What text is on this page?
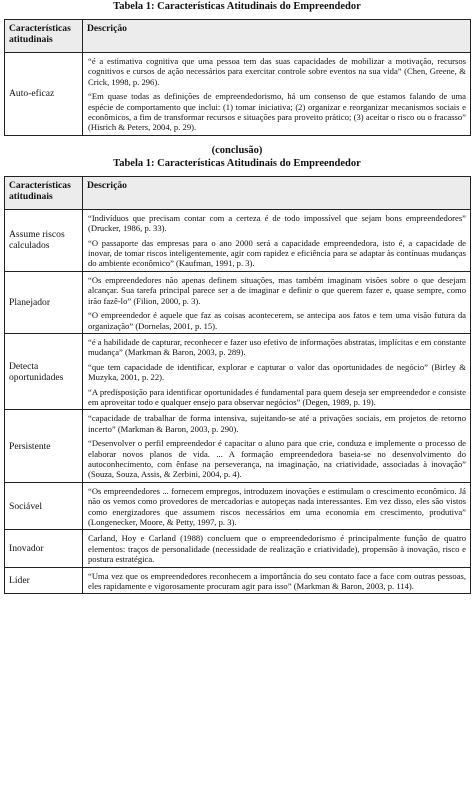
Tabela 1: Características Atitudinais do Empreendedor
Características atitudinais	Descrição
Auto-eficaz	“é a estimativa cognitiva que uma pessoa tem das suas capacidades de mobilizar a motivação, recursos cognitivos e cursos de ação necessários para exercitar controle sobre eventos na sua vida” (Chen, Greene, & Crick, 1998, p. 296).

“Em quase todas as definições de empreendedorismo, há um consenso de que estamos falando de uma espécie de comportamento que inclui: (1) tomar iniciativa; (2) organizar e reorganizar mecanismos sociais e econômicos, a fim de transformar recursos e situações para proveito prático; (3) aceitar o risco ou o fracasso” (Hisrich & Peters, 2004, p. 29).

(conclusão)
Tabela 1: Características Atitudinais do Empreendedor
Características atitudinais	Descrição
Assume riscos calculados	“Indivíduos que precisam contar com a certeza é de todo impossível que sejam bons empreendedores” (Drucker, 1986, p. 33).

“O passaporte das empresas para o ano 2000 será a capacidade empreendedora, isto é, a capacidade de inovar, de tomar riscos inteligentemente, agir com rapidez e eficiência para se adaptar às contínuas mudanças do ambiente econômico” (Kaufman, 1991, p. 3).

Planejador	“Os empreendedores não apenas definem situações, mas também imaginam visões sobre o que desejam alcançar. Sua tarefa principal parece ser a de imaginar e definir o que querem fazer e, quase sempre, como irão fazê-lo” (Filion, 2000, p. 3).

“O empreendedor é aquele que faz as coisas acontecerem, se antecipa aos fatos e tem uma visão futura da organização” (Dornelas, 2001, p. 15).

Detecta oportunidades	“é a habilidade de capturar, reconhecer e fazer uso efetivo de informações abstratas, implícitas e em constante mudança” (Markman & Baron, 2003, p. 289).

“que tem capacidade de identificar, explorar e capturar o valor das oportunidades de negócio” (Birley & Muzyka, 2001, p. 22).

“A predisposição para identificar oportunidades é fundamental para quem deseja ser empreendedor e consiste em aproveitar todo e qualquer ensejo para observar negócios” (Degen, 1989, p. 19).

Persistente	“capacidade de trabalhar de forma intensiva, sujeitando-se até a privações sociais, em projetos de retorno incerto” (Markman & Baron, 2003, p. 290).

“Desenvolver o perfil empreendedor é capacitar o aluno para que crie, conduza e implemente o processo de elaborar novos planos de vida. ... A formação empreendedora baseia-se no desenvolvimento do autoconhecimento, com ênfase na perseverança, na imaginação, na criatividade, associadas à inovação” (Souza, Souza, Assis, & Zerbini, 2004, p. 4).

Sociável	“Os empreendedores ... fornecem empregos, introduzem inovações e estimulam o crescimento econômico. Já não os vemos como provedores de mercadorias e autopeças nada interessantes. Em vez disso, eles são vistos como energizadores que assumem riscos necessários em uma economia em crescimento, produtiva” (Longenecker, Moore, & Petty, 1997, p. 3).

Inovador	Carland, Hoy e Carland (1988) concluem que o empreendedorismo é principalmente função de quatro elementos: traços de personalidade (necessidade de realização e criatividade), propensão à inovação, risco e postura estratégica.

Líder	“Uma vez que os empreendedores reconhecem a importância do seu contato face a face com outras pessoas, eles rapidamente e vigorosamente procuram agir para isso” (Markman & Baron, 2003, p. 114).
